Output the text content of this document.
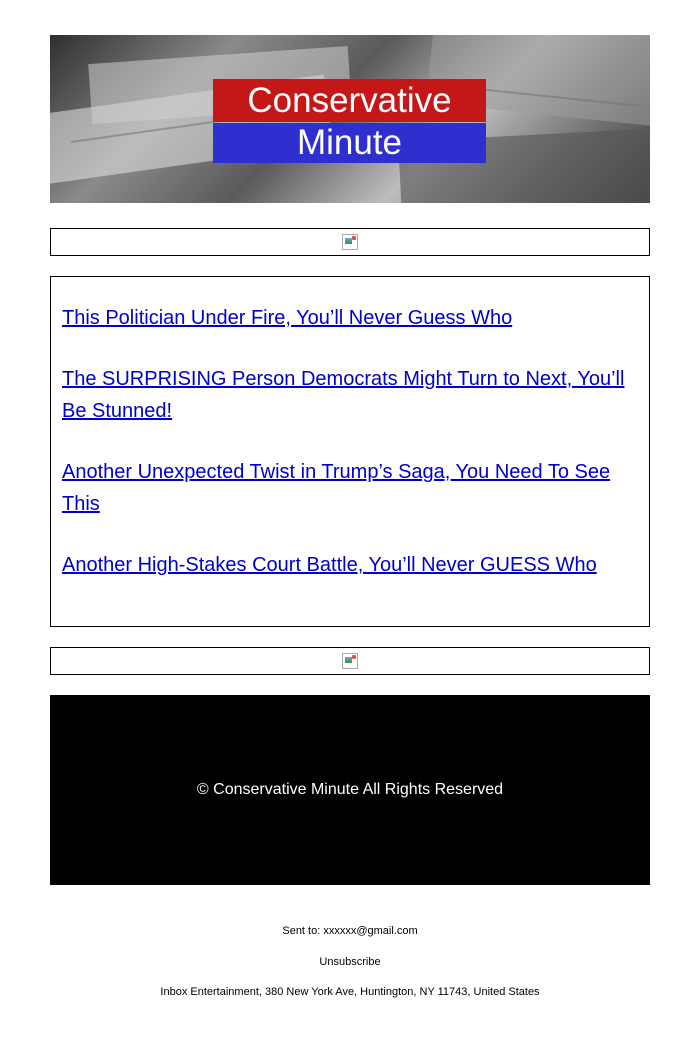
Conservative
Minute
This Politician Under Fire, You’ll Never Guess Who
The SURPRISING Person Democrats Might Turn to Next, You’ll Be Stunned!
Another Unexpected Twist in Trump’s Saga, You Need To See This
Another High-Stakes Court Battle, You’ll Never GUESS Who
© Conservative Minute All Rights Reserved
Sent to: xxxxxx@gmail.com
Unsubscribe
Inbox Entertainment, 380 New York Ave, Huntington, NY 11743, United States
